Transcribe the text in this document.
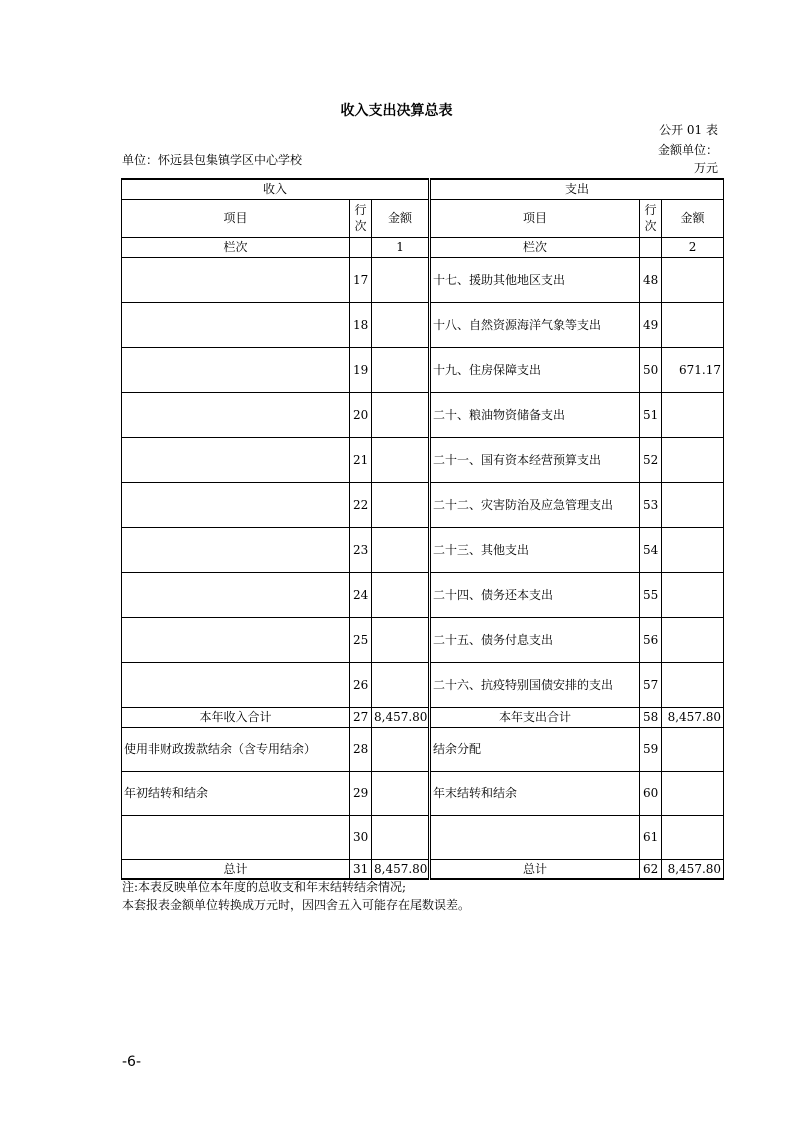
收入支出决算总表
公开 01 表
单位：怀远县包集镇学区中心学校
金额单位：
万元
收入			支出		
项目	行次	金额	项目	行次	金额
栏次		1	栏次		2
	17		十七、援助其他地区支出	48	
	18		十八、自然资源海洋气象等支出	49	
	19		十九、住房保障支出	50	671.17
	20		二十、粮油物资储备支出	51	
	21		二十一、国有资本经营预算支出	52	
	22		二十二、灾害防治及应急管理支出	53	
	23		二十三、其他支出	54	
	24		二十四、债务还本支出	55	
	25		二十五、债务付息支出	56	
	26		二十六、抗疫特别国债安排的支出	57	
本年收入合计	27	8,457.80	本年支出合计	58	8,457.80
使用非财政拨款结余（含专用结余）	28		结余分配	59	
年初结转和结余	29		年末结转和结余	60	
	30			61	
总计	31	8,457.80	总计	62	8,457.80
注:本表反映单位本年度的总收支和年末结转结余情况;
本套报表金额单位转换成万元时，因四舍五入可能存在尾数误差。
-6-
